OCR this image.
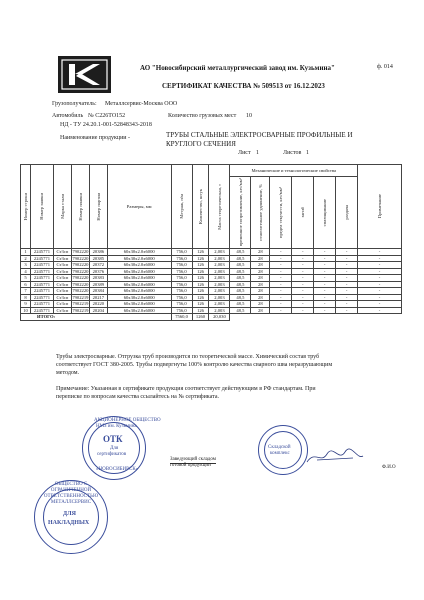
АО "Новосибирский металлургический завод им. Кузьмина"	ф. 014
СЕРТИФИКАТ КАЧЕСТВА № 509513 от 16.12.2023
Грузополучатель: Металлсервис-Москва ООО
Автомобиль № С226ТО152	Количество грузовых мест 10
НД - ТУ 24.20.1-001-52848343-2018
Наименование продукции -	ТРУБЫ СТАЛЬНЫЕ ЭЛЕКТРОСВАРНЫЕ ПРОФИЛЬНЫЕ И
КРУГЛОГО СЕЧЕНИЯ
Лист 1	Листов 1
Номер строки	Номер заявки	Марка стали	Номер плавки	Номер партии	Размеры, мм	Метраж, п/м	Количество, штук	Масса теоретическая, т	Механические и технологические свойства						Примечание

									временное сопротивление, кгс/мм²	относительное удлинение, %	предел текучести, кгс/мм²	загиб	сплющивание	раздача	

1	2245771	Ст3сп	7902220	20386	60х30х2.0х6000	756,0	126	2,003	48,5	28	-	-	-	-	-
2	2245771	Ст3сп	7902220	20385	60х30х2.0х6000	756,0	126	2,003	48,5	28	-	-	-	-	-
3	2245771	Ст3сп	7902220	20372	60х30х2.0х6000	756,0	126	2,003	48,5	28	-	-	-	-	-
4	2245771	Ст3сп	7902220	20376	60х30х2.0х6000	756,0	126	2,003	48,5	28	-	-	-	-	-
5	2245771	Ст3сп	7902220	20383	60х30х2.0х6000	756,0	126	2,003	48,5	28	-	-	-	-	-
6	2245771	Ст3сп	7902220	20389	60х30х2.0х6000	756,0	126	2,003	48,5	28	-	-	-	-	-
7	2245771	Ст3сп	7902220	20384	60х30х2.0х6000	756,0	126	2,003	48,5	28	-	-	-	-	-
8	2245771	Ст3сп	7902219	20217	60х30х2.0х6000	756,0	126	2,003	48,5	28	-	-	-	-	-
9	2245771	Ст3сп	7902219	20220	60х30х2.0х6000	756,0	126	2,003	48,5	28	-	-	-	-	-
10	2245771	Ст3сп	7902219	20204	60х30х2.0х6000	756,0	126	2,003	48,5	28	-	-	-	-	-
ИТОГО:						7560,0	1260	20,030							
Трубы электросварные. Отгрузка труб производится по теоретической массе. Химический состав труб
соответствует ГОСТ 380-2005. Трубы подвергнуты 100% контролю качества сварного шва неразрушающим
методом.
Примечание: Указанная в сертификате продукция соответствует действующим в РФ стандартам. При
переписке по вопросам качества ссылайтесь на № сертификата.
АКЦИОНЕРНОЕ ОБЩЕСТВО
НМЗ им. Кузьмина
ОТК
Для
сертификатов
«НОВОСИБИРСК»
Заведующий складом
готовой продукции
Складской
комплекс
Ф.И.О
ОБЩЕСТВО С ОГРАНИЧЕННОЙ ОТВЕТСТВЕННОСТЬЮ МЕТАЛЛСЕРВИС
ДЛЯ
НАКЛАДНЫХ
